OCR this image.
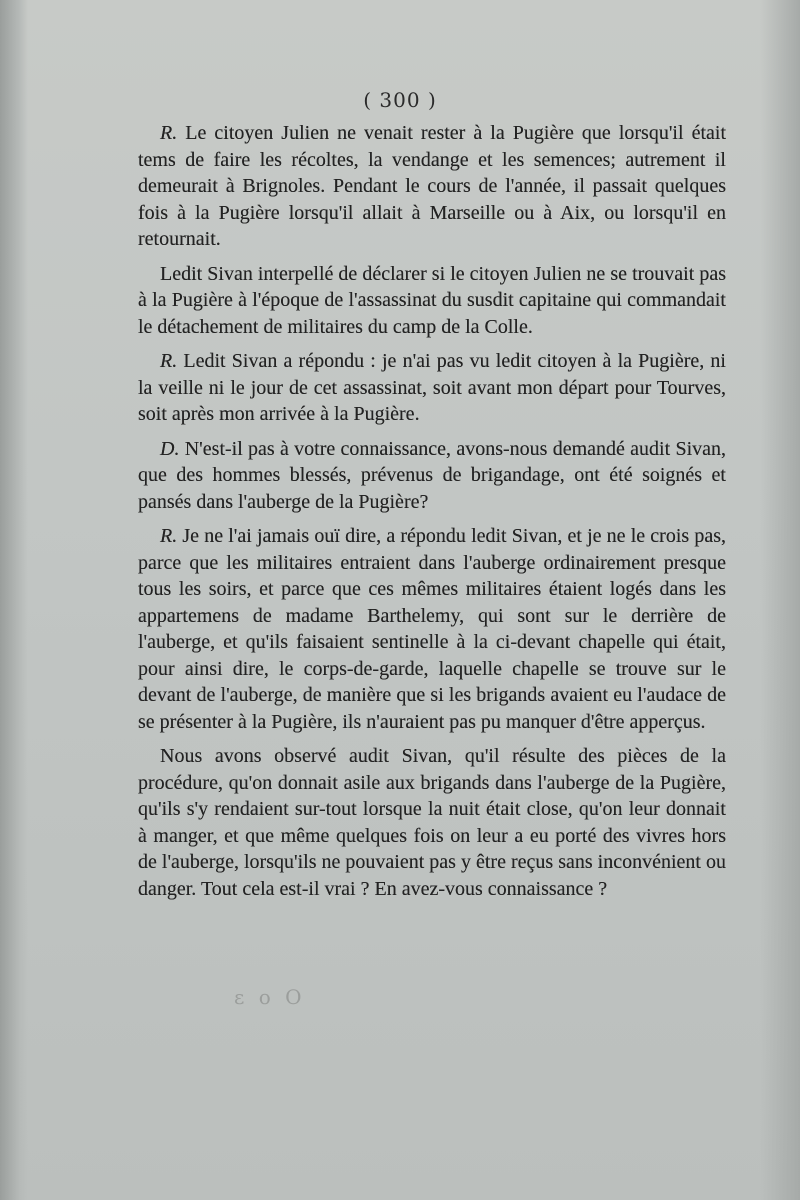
( 300 )

R. Le citoyen Julien ne venait rester à la Pugière que lorsqu'il était tems de faire les récoltes, la vendange et les semences; autrement il demeurait à Brignoles. Pendant le cours de l'année, il passait quelques fois à la Pugière lorsqu'il allait à Marseille ou à Aix, ou lorsqu'il en retournait.

Ledit Sivan interpellé de déclarer si le citoyen Julien ne se trouvait pas à la Pugière à l'époque de l'assassinat du susdit capitaine qui commandait le détachement de militaires du camp de la Colle.

R. Ledit Sivan a répondu : je n'ai pas vu ledit citoyen à la Pugière, ni la veille ni le jour de cet assassinat, soit avant mon départ pour Tourves, soit après mon arrivée à la Pugière.

D. N'est-il pas à votre connaissance, avons-nous demandé audit Sivan, que des hommes blessés, prévenus de brigandage, ont été soignés et pansés dans l'auberge de la Pugière?

R. Je ne l'ai jamais ouï dire, a répondu ledit Sivan, et je ne le crois pas, parce que les militaires entraient dans l'auberge ordinairement presque tous les soirs, et parce que ces mêmes militaires étaient logés dans les appartemens de madame Barthelemy, qui sont sur le derrière de l'auberge, et qu'ils faisaient sentinelle à la ci-devant chapelle qui était, pour ainsi dire, le corps-de-garde, laquelle chapelle se trouve sur le devant de l'auberge, de manière que si les brigands avaient eu l'audace de se présenter à la Pugière, ils n'auraient pas pu manquer d'être apperçus.

Nous avons observé audit Sivan, qu'il résulte des pièces de la procédure, qu'on donnait asile aux brigands dans l'auberge de la Pugière, qu'ils s'y rendaient sur-tout lorsque la nuit était close, qu'on leur donnait à manger, et que même quelques fois on leur a eu porté des vivres hors de l'auberge, lorsqu'ils ne pouvaient pas y être reçus sans inconvénient ou danger. Tout cela est-il vrai ? En avez-vous connaissance ?

ɛ o O
